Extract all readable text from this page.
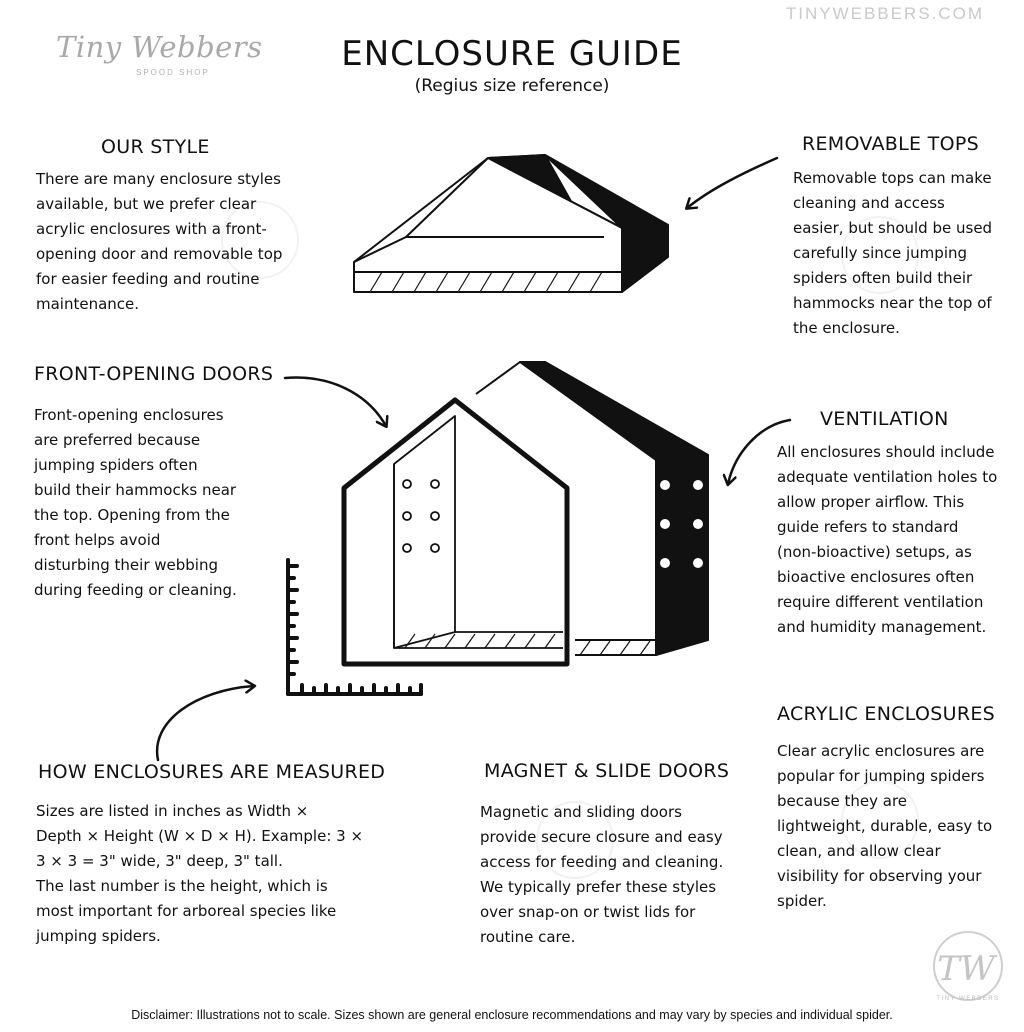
TINYWEBBERS.COM
Tiny Webbers
SPOOD SHOP	ENCLOSURE GUIDE
(Regius size reference)
TW
TINY WEBBERS
OUR STYLE
There are many enclosure styles
available, but we prefer clear
acrylic enclosures with a front-
opening door and removable top
for easier feeding and routine
maintenance.
REMOVABLE TOPS
Removable tops can make
cleaning and access
easier, but should be used
carefully since jumping
spiders often build their
hammocks near the top of
the enclosure.
FRONT-OPENING DOORS
Front-opening enclosures
are preferred because
jumping spiders often
build their hammocks near
the top. Opening from the
front helps avoid
disturbing their webbing
during feeding or cleaning.
VENTILATION
All enclosures should include
adequate ventilation holes to
allow proper airflow. This
guide refers to standard
(non-bioactive) setups, as
bioactive enclosures often
require different ventilation
and humidity management.
ACRYLIC ENCLOSURES
Clear acrylic enclosures are
popular for jumping spiders
because they are
lightweight, durable, easy to
clean, and allow clear
visibility for observing your
spider.
HOW ENCLOSURES ARE MEASURED
Sizes are listed in inches as Width ×
Depth × Height (W × D × H). Example: 3 ×
3 × 3 = 3" wide, 3" deep, 3" tall.
The last number is the height, which is
most important for arboreal species like
jumping spiders.
MAGNET & SLIDE DOORS
Magnetic and sliding doors
provide secure closure and easy
access for feeding and cleaning.
We typically prefer these styles
over snap-on or twist lids for
routine care.
Disclaimer: Illustrations not to scale. Sizes shown are general enclosure recommendations and may vary by species and individual spider.
